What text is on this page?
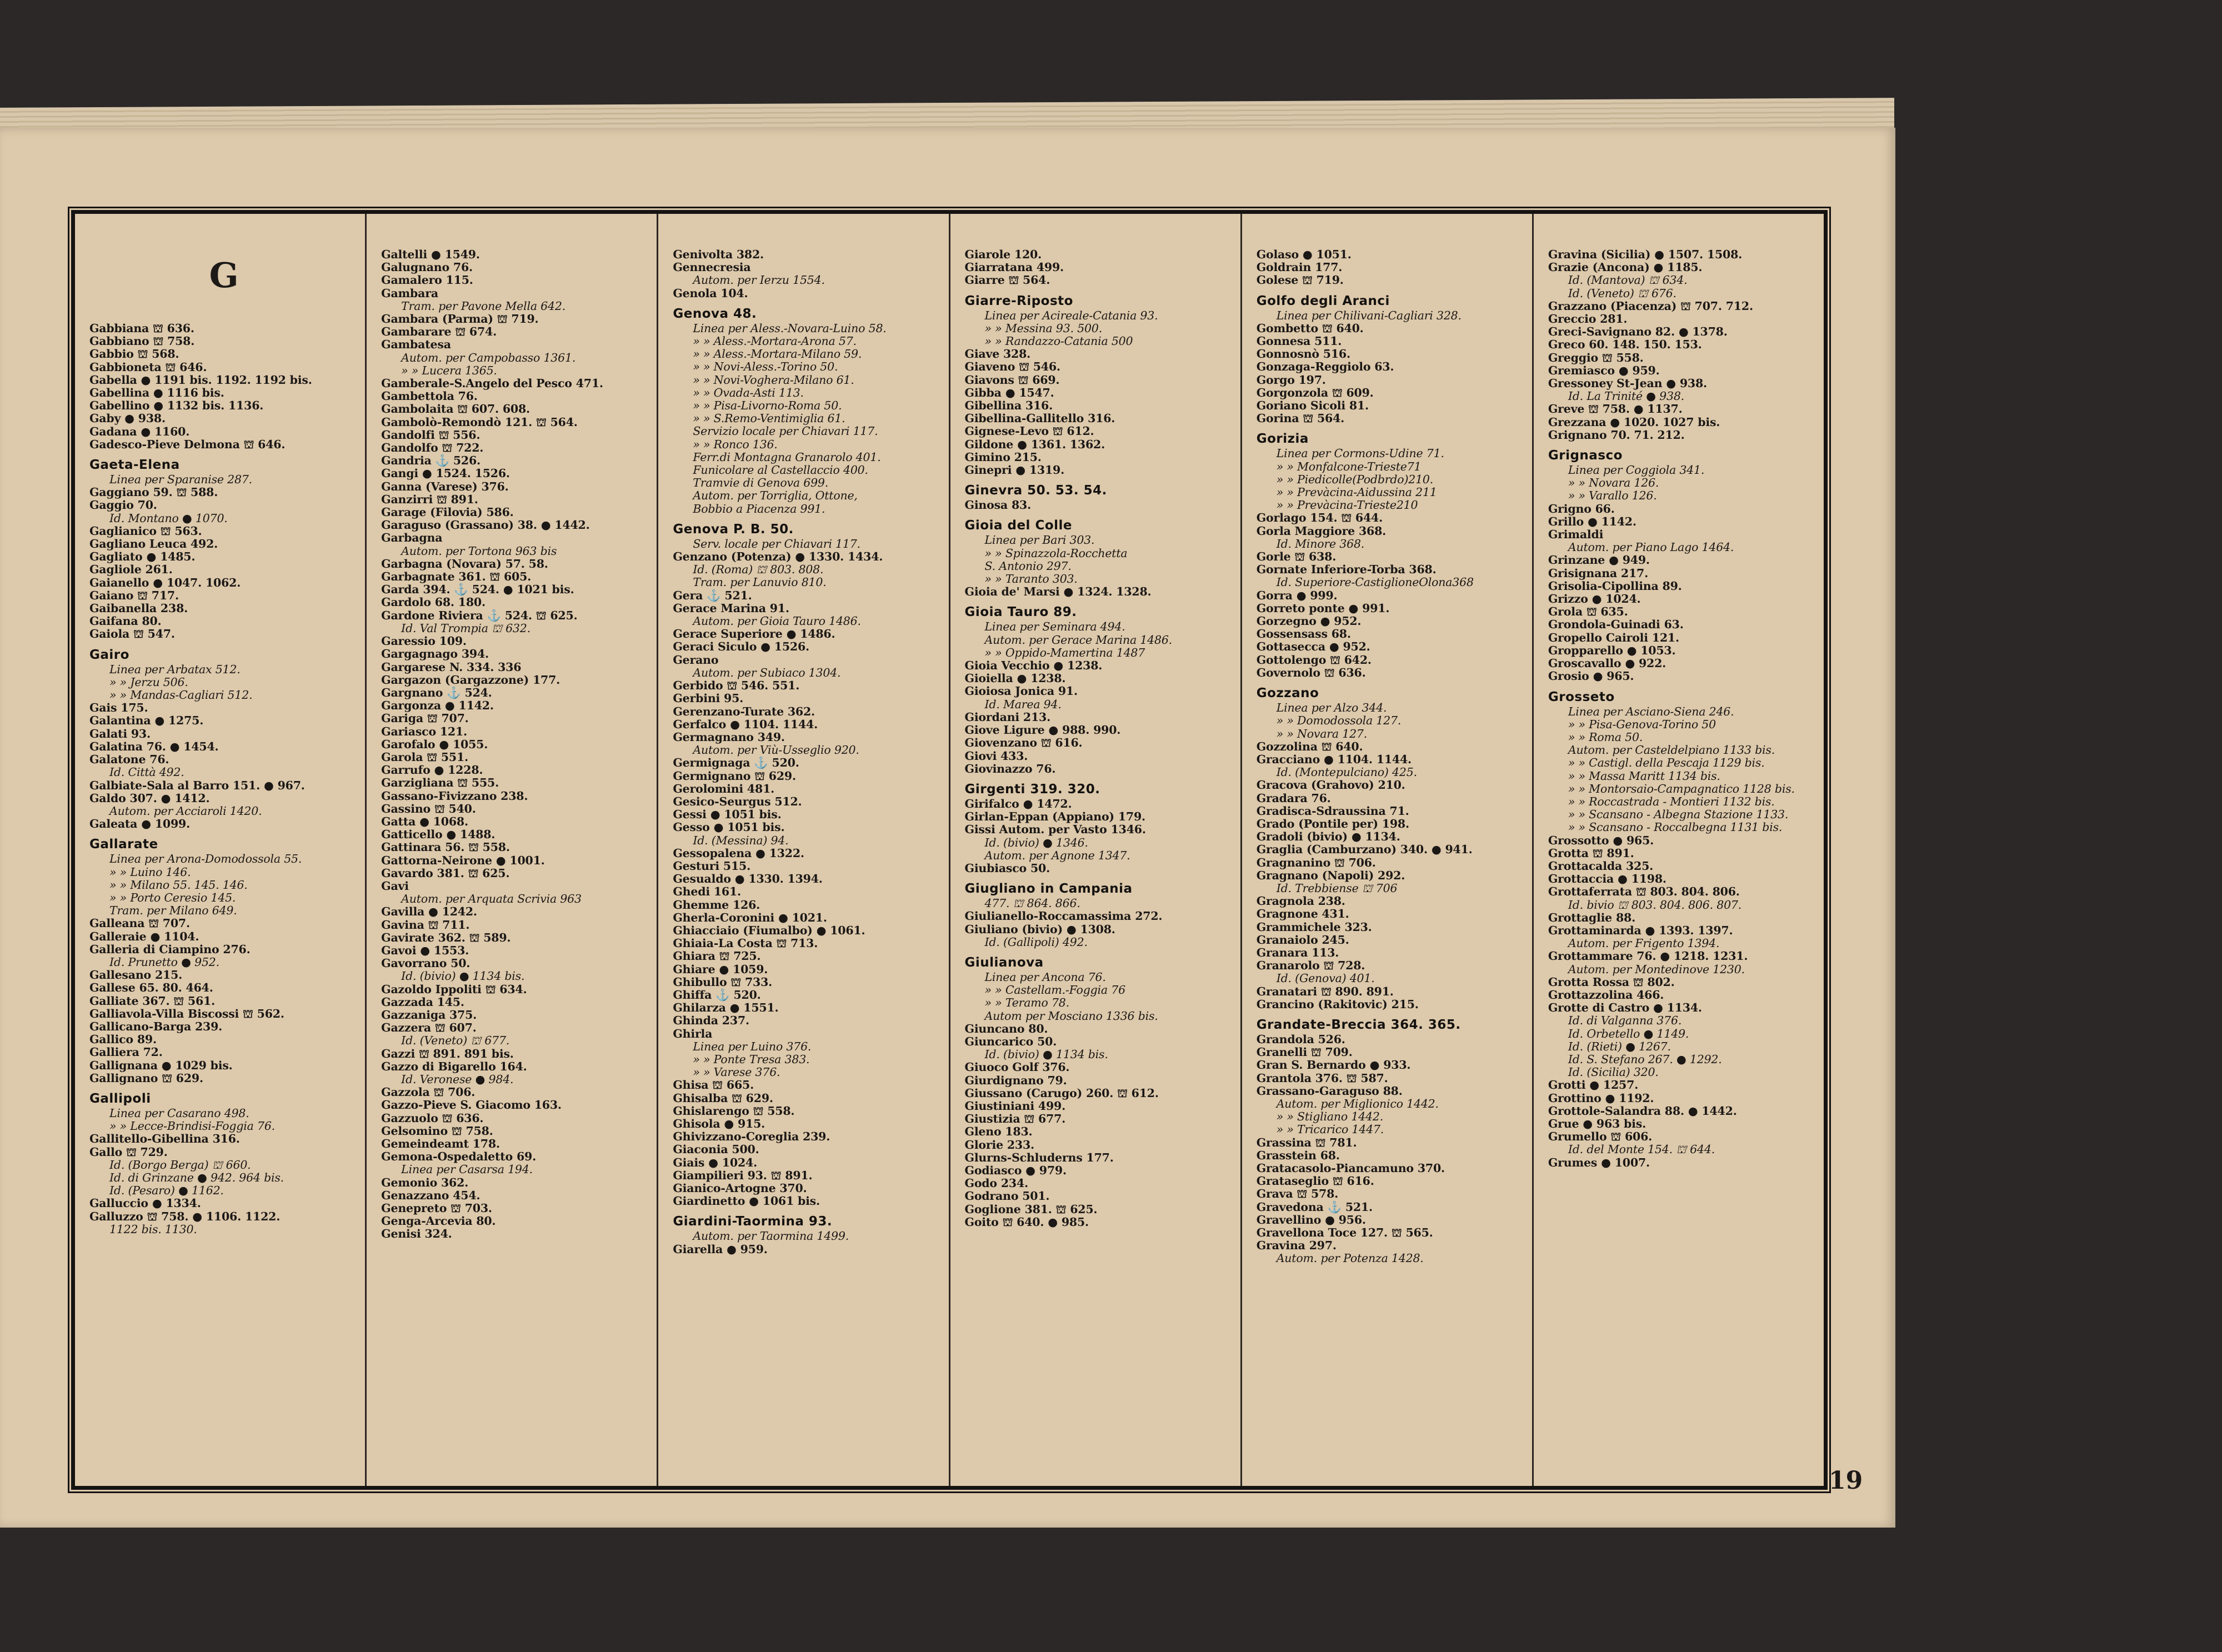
G
Gabbiana ⛫ 636.
Gabbiano ⛫ 758.
Gabbio ⛫ 568.
Gabbioneta ⛫ 646.
Gabella ● 1191 bis. 1192. 1192 bis.
Gabellina ● 1116 bis.
Gabellino ● 1132 bis. 1136.
Gaby ● 938.
Gadana ● 1160.
Gadesco-Pieve Delmona ⛫ 646.
Gaeta-Elena
Linea per Sparanise 287.
Gaggiano 59. ⛫ 588.
Gaggio 70.
Id. Montano ● 1070.
Gaglianico ⛫ 563.
Gagliano Leuca 492.
Gagliato ● 1485.
Gagliole 261.
Gaianello ● 1047. 1062.
Gaiano ⛫ 717.
Gaibanella 238.
Gaifana 80.
Gaiola ⛫ 547.
Gairo
Linea per Arbatax 512.
» » Jerzu 506.
» » Mandas-Cagliari 512.
Gais 175.
Galantina ● 1275.
Galati 93.
Galatina 76. ● 1454.
Galatone 76.
Id. Città 492.
Galbiate-Sala al Barro 151. ● 967.
Galdo 307. ● 1412.
Autom. per Acciaroli 1420.
Galeata ● 1099.
Gallarate
Linea per Arona-Domodossola 55.
» » Luino 146.
» » Milano 55. 145. 146.
» » Porto Ceresio 145.
Tram. per Milano 649.
Galleana ⛫ 707.
Galleraie ● 1104.
Galleria di Ciampino 276.
Id. Prunetto ● 952.
Gallesano 215.
Gallese 65. 80. 464.
Galliate 367. ⛫ 561.
Galliavola-Villa Biscossi ⛫ 562.
Gallicano-Barga 239.
Gallico 89.
Galliera 72.
Gallignana ● 1029 bis.
Gallignano ⛫ 629.
Gallipoli
Linea per Casarano 498.
» » Lecce-Brindisi-Foggia 76.
Gallitello-Gibellina 316.
Gallo ⛫ 729.
Id. (Borgo Berga) ⛫ 660.
Id. di Grinzane ● 942. 964 bis.
Id. (Pesaro) ● 1162.
Galluccio ● 1334.
Galluzzo ⛫ 758. ● 1106. 1122.
1122 bis. 1130.
Galtelli ● 1549.
Galugnano 76.
Gamalero 115.
Gambara
Tram. per Pavone Mella 642.
Gambara (Parma) ⛫ 719.
Gambarare ⛫ 674.
Gambatesa
Autom. per Campobasso 1361.
» » Lucera 1365.
Gamberale-S.Angelo del Pesco 471.
Gambettola 76.
Gambolaita ⛫ 607. 608.
Gambolò-Remondò 121. ⛫ 564.
Gandolfi ⛫ 556.
Gandolfo ⛫ 722.
Gandria ⚓ 526.
Gangi ● 1524. 1526.
Ganna (Varese) 376.
Ganzirri ⛫ 891.
Garage (Filovia) 586.
Garaguso (Grassano) 38. ● 1442.
Garbagna
Autom. per Tortona 963 bis
Garbagna (Novara) 57. 58.
Garbagnate 361. ⛫ 605.
Garda 394. ⚓ 524. ● 1021 bis.
Gardolo 68. 180.
Gardone Riviera ⚓ 524. ⛫ 625.
Id. Val Trompia ⛫ 632.
Garessio 109.
Gargagnago 394.
Gargarese N. 334. 336
Gargazon (Gargazzone) 177.
Gargnano ⚓ 524.
Gargonza ● 1142.
Gariga ⛫ 707.
Gariasco 121.
Garofalo ● 1055.
Garola ⛫ 551.
Garrufo ● 1228.
Garzigliana ⛫ 555.
Gassano-Fivizzano 238.
Gassino ⛫ 540.
Gatta ● 1068.
Gatticello ● 1488.
Gattinara 56. ⛫ 558.
Gattorna-Neirone ● 1001.
Gavardo 381. ⛫ 625.
Gavi
Autom. per Arquata Scrivia 963
Gavilla ● 1242.
Gavina ⛫ 711.
Gavirate 362. ⛫ 589.
Gavoi ● 1553.
Gavorrano 50.
Id. (bivio) ● 1134 bis.
Gazoldo Ippoliti ⛫ 634.
Gazzada 145.
Gazzaniga 375.
Gazzera ⛫ 607.
Id. (Veneto) ⛫ 677.
Gazzi ⛫ 891. 891 bis.
Gazzo di Bigarello 164.
Id. Veronese ● 984.
Gazzola ⛫ 706.
Gazzo-Pieve S. Giacomo 163.
Gazzuolo ⛫ 636.
Gelsomino ⛫ 758.
Gemeindeamt 178.
Gemona-Ospedaletto 69.
Linea per Casarsa 194.
Gemonio 362.
Genazzano 454.
Genepreto ⛫ 703.
Genga-Arcevia 80.
Genisi 324.
Genivolta 382.
Gennecresia
Autom. per Ierzu 1554.
Genola 104.
Genova 48.
Linea per Aless.-Novara-Luino 58.
» » Aless.-Mortara-Arona 57.
» » Aless.-Mortara-Milano 59.
» » Novi-Aless.-Torino 50.
» » Novi-Voghera-Milano 61.
» » Ovada-Asti 113.
» » Pisa-Livorno-Roma 50.
» » S.Remo-Ventimiglia 61.
Servizio locale per Chiavari 117.
» » Ronco 136.
Ferr.di Montagna Granarolo 401.
Funicolare al Castellaccio 400.
Tramvie di Genova 699.
Autom. per Torriglia, Ottone,
Bobbio a Piacenza 991.
Genova P. B. 50.
Serv. locale per Chiavari 117.
Genzano (Potenza) ● 1330. 1434.
Id. (Roma) ⛫ 803. 808.
Tram. per Lanuvio 810.
Gera ⚓ 521.
Gerace Marina 91.
Autom. per Gioia Tauro 1486.
Gerace Superiore ● 1486.
Geraci Siculo ● 1526.
Gerano
Autom. per Subiaco 1304.
Gerbido ⛫ 546. 551.
Gerbini 95.
Gerenzano-Turate 362.
Gerfalco ● 1104. 1144.
Germagnano 349.
Autom. per Viù-Usseglio 920.
Germignaga ⚓ 520.
Germignano ⛫ 629.
Gerolomini 481.
Gesico-Seurgus 512.
Gessi ● 1051 bis.
Gesso ● 1051 bis.
Id. (Messina) 94.
Gessopalena ● 1322.
Gesturi 515.
Gesualdo ● 1330. 1394.
Ghedi 161.
Ghemme 126.
Gherla-Coronini ● 1021.
Ghiacciaio (Fiumalbo) ● 1061.
Ghiaia-La Costa ⛫ 713.
Ghiara ⛫ 725.
Ghiare ● 1059.
Ghibullo ⛫ 733.
Ghiffa ⚓ 520.
Ghilarza ● 1551.
Ghinda 237.
Ghirla
Linea per Luino 376.
» » Ponte Tresa 383.
» » Varese 376.
Ghisa ⛫ 665.
Ghisalba ⛫ 629.
Ghislarengo ⛫ 558.
Ghisola ● 915.
Ghivizzano-Coreglia 239.
Giaconia 500.
Giais ● 1024.
Giampilieri 93. ⛫ 891.
Gianico-Artogne 370.
Giardinetto ● 1061 bis.
Giardini-Taormina 93.
Autom. per Taormina 1499.
Giarella ● 959.
Giarole 120.
Giarratana 499.
Giarre ⛫ 564.
Giarre-Riposto
Linea per Acireale-Catania 93.
» » Messina 93. 500.
» » Randazzo-Catania 500
Giave 328.
Giaveno ⛫ 546.
Giavons ⛫ 669.
Gibba ● 1547.
Gibellina 316.
Gibellina-Gallitello 316.
Gignese-Levo ⛫ 612.
Gildone ● 1361. 1362.
Gimino 215.
Ginepri ● 1319.
Ginevra 50. 53. 54.
Ginosa 83.
Gioia del Colle
Linea per Bari 303.
» » Spinazzola-Rocchetta
S. Antonio 297.
» » Taranto 303.
Gioia de' Marsi ● 1324. 1328.
Gioia Tauro 89.
Linea per Seminara 494.
Autom. per Gerace Marina 1486.
» » Oppido-Mamertina 1487
Gioia Vecchio ● 1238.
Gioiella ● 1238.
Gioiosa Jonica 91.
Id. Marea 94.
Giordani 213.
Giove Ligure ● 988. 990.
Giovenzano ⛫ 616.
Giovi 433.
Giovinazzo 76.
Girgenti 319. 320.
Girifalco ● 1472.
Girlan-Eppan (Appiano) 179.
Gissi Autom. per Vasto 1346.
Id. (bivio) ● 1346.
Autom. per Agnone 1347.
Giubiasco 50.
Giugliano in Campania
477. ⛫ 864. 866.
Giulianello-Roccamassima 272.
Giuliano (bivio) ● 1308.
Id. (Gallipoli) 492.
Giulianova
Linea per Ancona 76.
» » Castellam.-Foggia 76
» » Teramo 78.
Autom per Mosciano 1336 bis.
Giuncano 80.
Giuncarico 50.
Id. (bivio) ● 1134 bis.
Giuoco Golf 376.
Giurdignano 79.
Giussano (Carugo) 260. ⛫ 612.
Giustiniani 499.
Giustizia ⛫ 677.
Gleno 183.
Glorie 233.
Glurns-Schluderns 177.
Godiasco ● 979.
Godo 234.
Godrano 501.
Goglione 381. ⛫ 625.
Goito ⛫ 640. ● 985.
Golaso ● 1051.
Goldrain 177.
Golese ⛫ 719.
Golfo degli Aranci
Linea per Chilivani-Cagliari 328.
Gombetto ⛫ 640.
Gonnesa 511.
Gonnosnò 516.
Gonzaga-Reggiolo 63.
Gorgo 197.
Gorgonzola ⛫ 609.
Goriano Sicoli 81.
Gorina ⛫ 564.
Gorizia
Linea per Cormons-Udine 71.
» » Monfalcone-Trieste71
» » Piedicolle(Podbrdo)210.
» » Prevàcina-Aidussina 211
» » Prevàcina-Trieste210
Gorlago 154. ⛫ 644.
Gorla Maggiore 368.
Id. Minore 368.
Gorle ⛫ 638.
Gornate Inferiore-Torba 368.
Id. Superiore-CastiglioneOlona368
Gorra ● 999.
Gorreto ponte ● 991.
Gorzegno ● 952.
Gossensass 68.
Gottasecca ● 952.
Gottolengo ⛫ 642.
Governolo ⛫ 636.
Gozzano
Linea per Alzo 344.
» » Domodossola 127.
» » Novara 127.
Gozzolina ⛫ 640.
Gracciano ● 1104. 1144.
Id. (Montepulciano) 425.
Gracova (Grahovo) 210.
Gradara 76.
Gradisca-Sdraussina 71.
Grado (Pontile per) 198.
Gradoli (bivio) ● 1134.
Graglia (Camburzano) 340. ● 941.
Gragnanino ⛫ 706.
Gragnano (Napoli) 292.
Id. Trebbiense ⛫ 706
Gragnola 238.
Gragnone 431.
Grammichele 323.
Granaiolo 245.
Granara 113.
Granarolo ⛫ 728.
Id. (Genova) 401.
Granatari ⛫ 890. 891.
Grancino (Rakitovic) 215.
Grandate-Breccia 364. 365.
Grandola 526.
Granelli ⛫ 709.
Gran S. Bernardo ● 933.
Grantola 376. ⛫ 587.
Grassano-Garaguso 88.
Autom. per Miglionico 1442.
» » Stigliano 1442.
» » Tricarico 1447.
Grassina ⛫ 781.
Grasstein 68.
Gratacasolo-Piancamuno 370.
Grataseglio ⛫ 616.
Grava ⛫ 578.
Gravedona ⚓ 521.
Gravellino ● 956.
Gravellona Toce 127. ⛫ 565.
Gravina 297.
Autom. per Potenza 1428.
Gravina (Sicilia) ● 1507. 1508.
Grazie (Ancona) ● 1185.
Id. (Mantova) ⛫ 634.
Id. (Veneto) ⛫ 676.
Grazzano (Piacenza) ⛫ 707. 712.
Greccio 281.
Greci-Savignano 82. ● 1378.
Greco 60. 148. 150. 153.
Greggio ⛫ 558.
Gremiasco ● 959.
Gressoney St-Jean ● 938.
Id. La Trinité ● 938.
Greve ⛫ 758. ● 1137.
Grezzana ● 1020. 1027 bis.
Grignano 70. 71. 212.
Grignasco
Linea per Coggiola 341.
» » Novara 126.
» » Varallo 126.
Grigno 66.
Grillo ● 1142.
Grimaldi
Autom. per Piano Lago 1464.
Grinzane ● 949.
Grisignana 217.
Grisolia-Cipollina 89.
Grizzo ● 1024.
Grola ⛫ 635.
Grondola-Guinadi 63.
Gropello Cairoli 121.
Gropparello ● 1053.
Groscavallo ● 922.
Grosio ● 965.
Grosseto
Linea per Asciano-Siena 246.
» » Pisa-Genova-Torino 50
» » Roma 50.
Autom. per Casteldelpiano 1133 bis.
» » Castigl. della Pescaja 1129 bis.
» » Massa Maritt 1134 bis.
» » Montorsaio-Campagnatico 1128 bis.
» » Roccastrada - Montieri 1132 bis.
» » Scansano - Albegna Stazione 1133.
» » Scansano - Roccalbegna 1131 bis.
Grossotto ● 965.
Grotta ⛫ 891.
Grottacalda 325.
Grottaccia ● 1198.
Grottaferrata ⛫ 803. 804. 806.
Id. bivio ⛫ 803. 804. 806. 807.
Grottaglie 88.
Grottaminarda ● 1393. 1397.
Autom. per Frigento 1394.
Grottammare 76. ● 1218. 1231.
Autom. per Montedinove 1230.
Grotta Rossa ⛫ 802.
Grottazzolina 466.
Grotte di Castro ● 1134.
Id. di Valganna 376.
Id. Orbetello ● 1149.
Id. (Rieti) ● 1267.
Id. S. Stefano 267. ● 1292.
Id. (Sicilia) 320.
Grotti ● 1257.
Grottino ● 1192.
Grottole-Salandra 88. ● 1442.
Grue ● 963 bis.
Grumello ⛫ 606.
Id. del Monte 154. ⛫ 644.
Grumes ● 1007.
19
